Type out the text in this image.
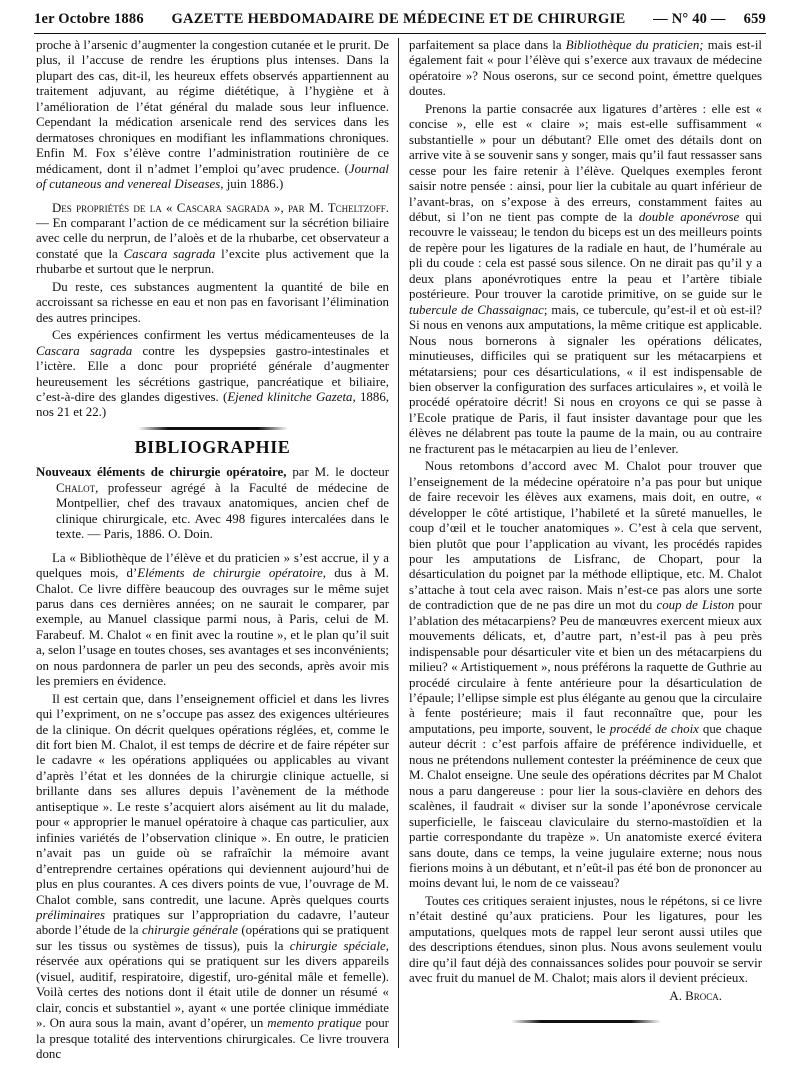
1er Octobre 1886 GAZETTE HEBDOMADAIRE DE MÉDECINE ET DE CHIRURGIE — N° 40 — 659

proche à l’arsenic d’augmenter la congestion cutanée et le prurit. De plus, il l’accuse de rendre les éruptions plus intenses. Dans la plupart des cas, dit-il, les heureux effets observés appartiennent au traitement adjuvant, au régime diététique, à l’hygiène et à l’amélioration de l’état général du malade sous leur influence. Cependant la médication arsenicale rend des services dans les dermatoses chroniques en modifiant les inflammations chroniques. Enfin M. Fox s’élève contre l’administration routinière de ce médicament, dont il n’admet l’emploi qu’avec prudence. (Journal of cutaneous and venereal Diseases, juin 1886.)

Des propriétés de la « Cascara sagrada », par M. Tcheltzoff. — En comparant l’action de ce médicament sur la sécrétion biliaire avec celle du nerprun, de l’aloès et de la rhubarbe, cet observateur a constaté que la Cascara sagrada l’excite plus activement que la rhubarbe et surtout que le nerprun.

Du reste, ces substances augmentent la quantité de bile en accroissant sa richesse en eau et non pas en favorisant l’élimination des autres principes.

Ces expériences confirment les vertus médicamenteuses de la Cascara sagrada contre les dyspepsies gastro-intestinales et l’ictère. Elle a donc pour propriété générale d’augmenter heureusement les sécrétions gastrique, pancréatique et biliaire, c’est-à-dire des glandes digestives. (Ejened klinitche Gazeta, 1886, nos 21 et 22.)

BIBLIOGRAPHIE

Nouveaux éléments de chirurgie opératoire, par M. le docteur Chalot, professeur agrégé à la Faculté de médecine de Montpellier, chef des travaux anatomiques, ancien chef de clinique chirurgicale, etc. Avec 498 figures intercalées dans le texte. — Paris, 1886. O. Doin.

La « Bibliothèque de l’élève et du praticien » s’est accrue, il y a quelques mois, d’Eléments de chirurgie opératoire, dus à M. Chalot. Ce livre diffère beaucoup des ouvrages sur le même sujet parus dans ces dernières années; on ne saurait le comparer, par exemple, au Manuel classique parmi nous, à Paris, celui de M. Farabeuf. M. Chalot « en finit avec la routine », et le plan qu’il suit a, selon l’usage en toutes choses, ses avantages et ses inconvénients; on nous pardonnera de parler un peu des seconds, après avoir mis les premiers en évidence.

Il est certain que, dans l’enseignement officiel et dans les livres qui l’expriment, on ne s’occupe pas assez des exigences ultérieures de la clinique. On décrit quelques opérations réglées, et, comme le dit fort bien M. Chalot, il est temps de décrire et de faire répéter sur le cadavre « les opérations appliquées ou applicables au vivant d’après l’état et les données de la chirurgie clinique actuelle, si brillante dans ses allures depuis l’avènement de la méthode antiseptique ». Le reste s’acquiert alors aisément au lit du malade, pour « approprier le manuel opératoire à chaque cas particulier, aux infinies variétés de l’observation clinique ». En outre, le praticien n’avait pas un guide où se rafraîchir la mémoire avant d’entreprendre certaines opérations qui deviennent aujourd’hui de plus en plus courantes. A ces divers points de vue, l’ouvrage de M. Chalot comble, sans contredit, une lacune. Après quelques courts préliminaires pratiques sur l’appropriation du cadavre, l’auteur aborde l’étude de la chirurgie générale (opérations qui se pratiquent sur les tissus ou systèmes de tissus), puis la chirurgie spéciale, réservée aux opérations qui se pratiquent sur les divers appareils (visuel, auditif, respiratoire, digestif, uro-génital mâle et femelle). Voilà certes des notions dont il était utile de donner un résumé « clair, concis et substantiel », ayant « une portée clinique immédiate ». On aura sous la main, avant d’opérer, un memento pratique pour la presque totalité des interventions chirurgicales. Ce livre trouvera donc

parfaitement sa place dans la Bibliothèque du praticien; mais est-il également fait « pour l’élève qui s’exerce aux travaux de médecine opératoire »? Nous oserons, sur ce second point, émettre quelques doutes.

Prenons la partie consacrée aux ligatures d’artères : elle est « concise », elle est « claire »; mais est-elle suffisamment « substantielle » pour un débutant? Elle omet des détails dont on arrive vite à se souvenir sans y songer, mais qu’il faut ressasser sans cesse pour les faire retenir à l’élève. Quelques exemples feront saisir notre pensée : ainsi, pour lier la cubitale au quart inférieur de l’avant-bras, on s’expose à des erreurs, constamment faites au début, si l’on ne tient pas compte de la double aponévrose qui recouvre le vaisseau; le tendon du biceps est un des meilleurs points de repère pour les ligatures de la radiale en haut, de l’humérale au pli du coude : cela est passé sous silence. On ne dirait pas qu’il y a deux plans aponévrotiques entre la peau et l’artère tibiale postérieure. Pour trouver la carotide primitive, on se guide sur le tubercule de Chassaignac; mais, ce tubercule, qu’est-il et où est-il? Si nous en venons aux amputations, la même critique est applicable. Nous nous bornerons à signaler les opérations délicates, minutieuses, difficiles qui se pratiquent sur les métacarpiens et métatarsiens; pour ces désarticulations, « il est indispensable de bien observer la configuration des surfaces articulaires », et voilà le procédé opératoire décrit! Si nous en croyons ce qui se passe à l’Ecole pratique de Paris, il faut insister davantage pour que les élèves ne délabrent pas toute la paume de la main, ou au contraire ne fracturent pas le métacarpien au lieu de l’enlever.

Nous retombons d’accord avec M. Chalot pour trouver que l’enseignement de la médecine opératoire n’a pas pour but unique de faire recevoir les élèves aux examens, mais doit, en outre, « développer le côté artistique, l’habileté et la sûreté manuelles, le coup d’œil et le toucher anatomiques ». C’est à cela que servent, bien plutôt que pour l’application au vivant, les procédés rapides pour les amputations de Lisfranc, de Chopart, pour la désarticulation du poignet par la méthode elliptique, etc. M. Chalot s’attache à tout cela avec raison. Mais n’est-ce pas alors une sorte de contradiction que de ne pas dire un mot du coup de Liston pour l’ablation des métacarpiens? Peu de manœuvres exercent mieux aux mouvements délicats, et, d’autre part, n’est-il pas à peu près indispensable pour désarticuler vite et bien un des métacarpiens du milieu? « Artistiquement », nous préférons la raquette de Guthrie au procédé circulaire à fente antérieure pour la désarticulation de l’épaule; l’ellipse simple est plus élégante au genou que la circulaire à fente postérieure; mais il faut reconnaître que, pour les amputations, peu importe, souvent, le procédé de choix que chaque auteur décrit : c’est parfois affaire de préférence individuelle, et nous ne prétendons nullement contester la prééminence de ceux que M. Chalot enseigne. Une seule des opérations décrites par M Chalot nous a paru dangereuse : pour lier la sous-clavière en dehors des scalènes, il faudrait « diviser sur la sonde l’aponévrose cervicale superficielle, le faisceau claviculaire du sterno-mastoïdien et la partie correspondante du trapèze ». Un anatomiste exercé évitera sans doute, dans ce temps, la veine jugulaire externe; nous nous fierions moins à un débutant, et n’eût-il pas été bon de prononcer au moins devant lui, le nom de ce vaisseau?

Toutes ces critiques seraient injustes, nous le répétons, si ce livre n’était destiné qu’aux praticiens. Pour les ligatures, pour les amputations, quelques mots de rappel leur seront aussi utiles que des descriptions étendues, sinon plus. Nous avons seulement voulu dire qu’il faut déjà des connaissances solides pour pouvoir se servir avec fruit du manuel de M. Chalot; mais alors il devient précieux.

A. Broca.
